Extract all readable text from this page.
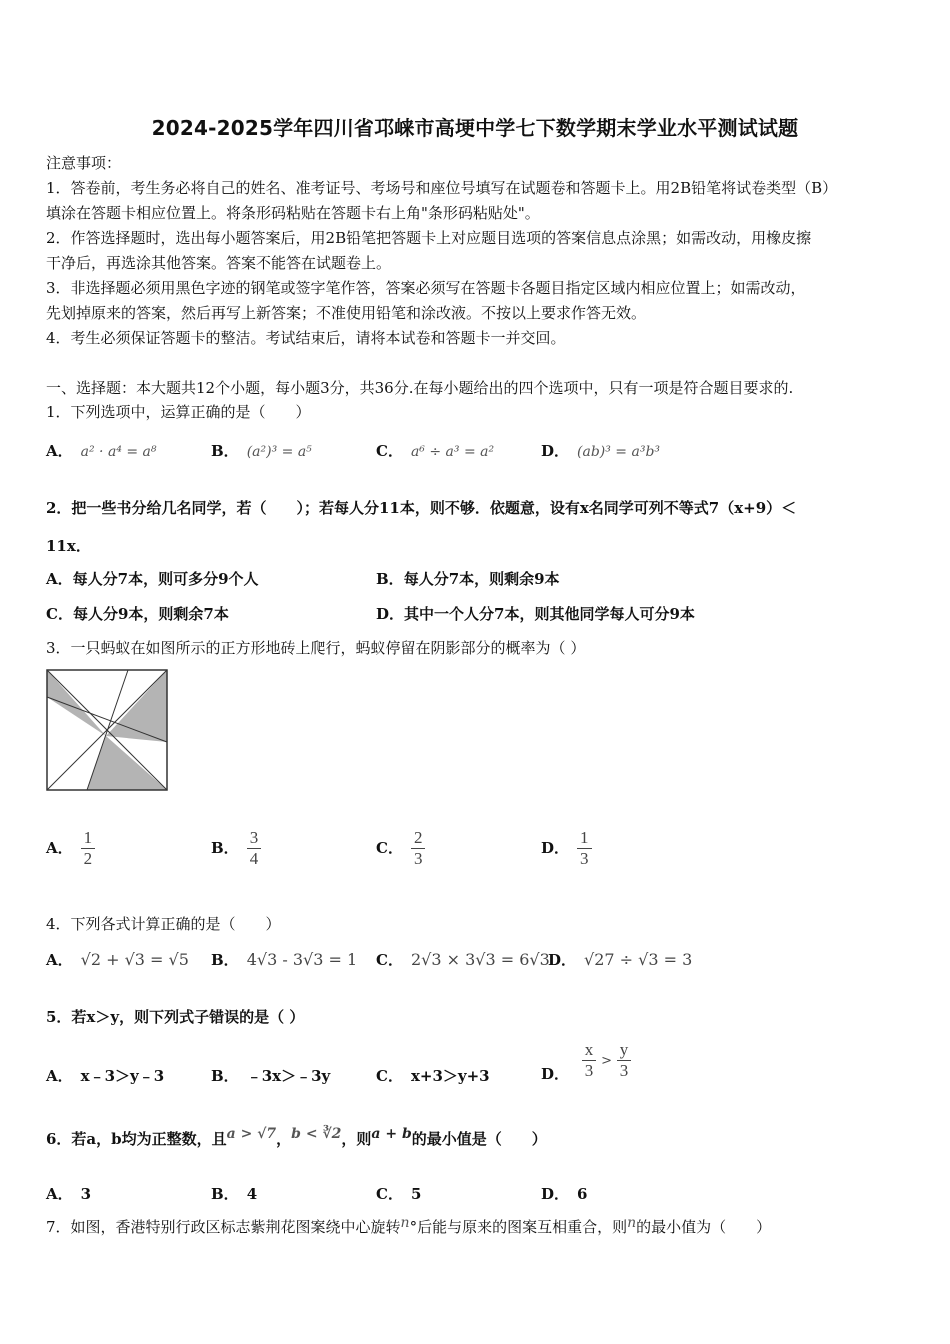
2024-2025学年四川省邛崃市高埂中学七下数学期末学业水平测试试题
注意事项：
1．答卷前，考生务必将自己的姓名、准考证号、考场号和座位号填写在试题卷和答题卡上。用2B铅笔将试卷类型（B）
填涂在答题卡相应位置上。将条形码粘贴在答题卡右上角"条形码粘贴处"。
2．作答选择题时，选出每小题答案后，用2B铅笔把答题卡上对应题目选项的答案信息点涂黑；如需改动，用橡皮擦
干净后，再选涂其他答案。答案不能答在试题卷上。
3．非选择题必须用黑色字迹的钢笔或签字笔作答，答案必须写在答题卡各题目指定区域内相应位置上；如需改动，
先划掉原来的答案，然后再写上新答案；不准使用铅笔和涂改液。不按以上要求作答无效。
4．考生必须保证答题卡的整洁。考试结束后，请将本试卷和答题卡一并交回。
一、选择题：本大题共12个小题，每小题3分，共36分.在每小题给出的四个选项中，只有一项是符合题目要求的.
1．下列选项中，运算正确的是（　　）
A． a² · a⁴ = a⁸	B． (a²)³ = a⁵	C． a⁶ ÷ a³ = a²	D． (ab)³ = a³b³
2．把一些书分给几名同学，若（　　）；若每人分11本，则不够．依题意，设有x名同学可列不等式7（x+9）＜
11x．
A．每人分7本，则可多分9个人	B．每人分7本，则剩余9本
C．每人分9本，则剩余7本	D．其中一个人分7本，则其他同学每人可分9本
3．一只蚂蚁在如图所示的正方形地砖上爬行，蚂蚁停留在阴影部分的概率为（ ）
A． $\frac{1}{2}$	B． $\frac{3}{4}$	C． $\frac{2}{3}$	D． $\frac{1}{3}$
4．下列各式计算正确的是（　　）
A． √2 + √3 = √5 B． 4√3 - 3√3 = 1 C． 2√3 × 3√3 = 6√3
D． √27 ÷ √3 = 3
5．若x＞y，则下列式子错误的是（ ）
A． x﹣3＞y﹣3	B． ﹣3x＞﹣3y	C． x+3＞y+3	D． $\frac{x}{3} > \frac{y}{3}$
6．若a，b均为正整数，且a > √7，b < ∛2，则a + b的最小值是（　　）
A． 3	B． 4	C． 5	D． 6
7．如图，香港特别行政区标志紫荆花图案绕中心旋转n°后能与原来的图案互相重合，则n的最小值为（　　）
